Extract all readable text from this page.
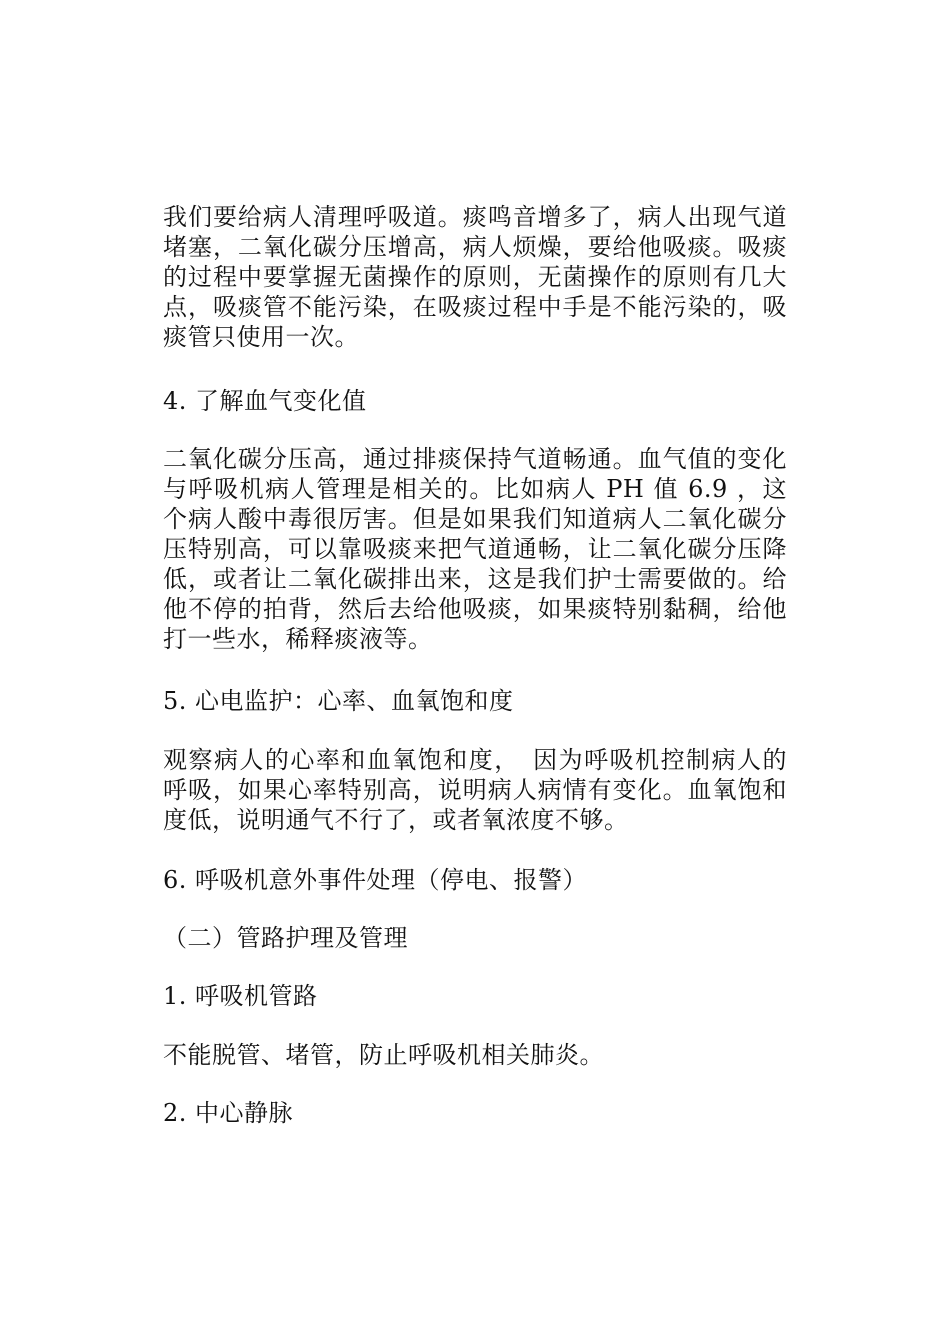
我们要给病人清理呼吸道。痰鸣音增多了，病人出现气道堵塞，二氧化碳分压增高，病人烦燥，要给他吸痰。吸痰的过程中要掌握无菌操作的原则，无菌操作的原则有几大点，吸痰管不能污染，在吸痰过程中手是不能污染的，吸痰管只使用一次。

4. 了解血气变化值

二氧化碳分压高，通过排痰保持气道畅通。血气值的变化与呼吸机病人管理是相关的。比如病人 PH 值 6.9 ，这个病人酸中毒很厉害。但是如果我们知道病人二氧化碳分压特别高，可以靠吸痰来把气道通畅，让二氧化碳分压降低，或者让二氧化碳排出来，这是我们护士需要做的。给他不停的拍背，然后去给他吸痰，如果痰特别黏稠，给他打一些水，稀释痰液等。

5. 心电监护：心率、血氧饱和度

观察病人的心率和血氧饱和度，　因为呼吸机控制病人的呼吸，如果心率特别高，说明病人病情有变化。血氧饱和度低，说明通气不行了，或者氧浓度不够。

6. 呼吸机意外事件处理（停电、报警）

（二）管路护理及管理

1. 呼吸机管路

不能脱管、堵管，防止呼吸机相关肺炎。

2. 中心静脉
